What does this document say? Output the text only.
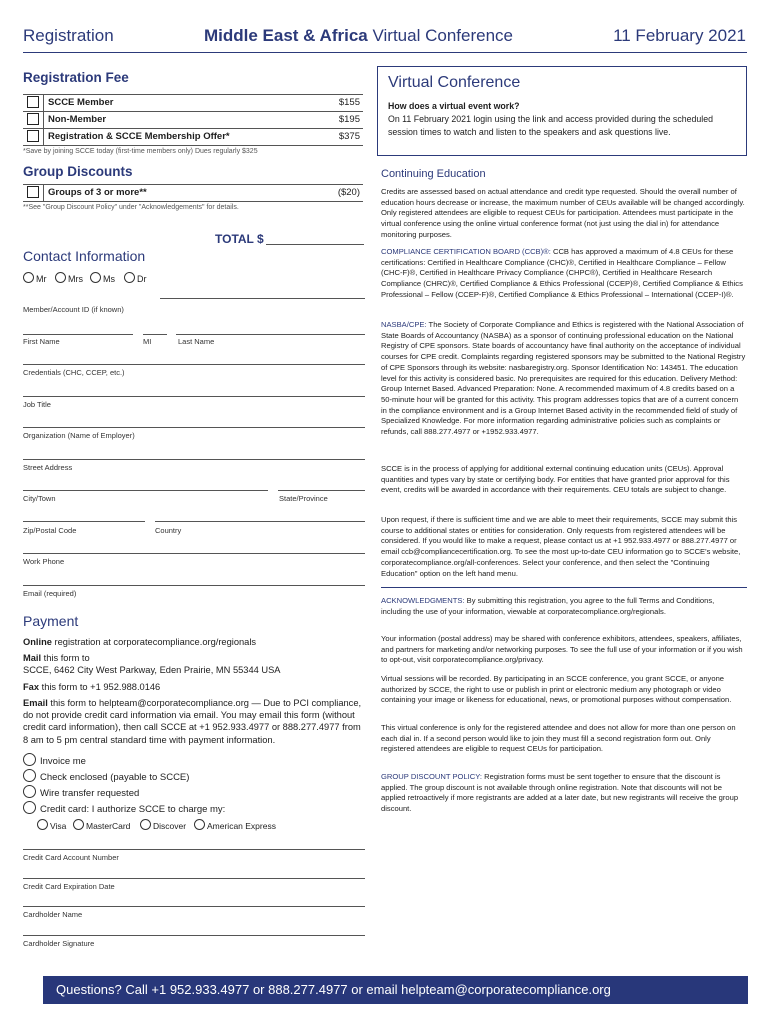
Registration	Middle East & Africa Virtual Conference	11 February 2021
Registration Fee
SCCE Member	$155
Non-Member	$195
Registration & SCCE Membership Offer*	$375
*Save by joining SCCE today (first-time members only) Dues regularly $325
Group Discounts
Groups of 3 or more**	($20)
**See "Group Discount Policy" under "Acknowledgements" for details.
TOTAL $
Contact Information
Mr	Mrs	Ms	Dr
Member/Account ID (if known)
First Name	MI	Last Name
Credentials (CHC, CCEP, etc.)
Job Title
Organization (Name of Employer)
Street Address
City/Town	State/Province
Zip/Postal Code	Country
Work Phone
Email (required)
Payment
Online registration at corporatecompliance.org/regionals
Mail this form to
SCCE, 6462 City West Parkway, Eden Prairie, MN 55344 USA
Fax this form to +1 952.988.0146
Email this form to helpteam@corporatecompliance.org — Due to PCI compliance, do not provide credit card information via email. You may email this form (without credit card information), then call SCCE at +1 952.933.4977 or 888.277.4977 from 8 am to 5 pm central standard time with payment information.
Invoice me
Check enclosed (payable to SCCE)
Wire transfer requested
Credit card: I authorize SCCE to charge my:
Visa	MasterCard	Discover	American Express
Credit Card Account Number
Credit Card Expiration Date
Cardholder Name
Cardholder Signature
Virtual Conference
How does a virtual event work?
On 11 February 2021 login using the link and access provided during the scheduled session times to watch and listen to the speakers and ask questions live.
Continuing Education
Credits are assessed based on actual attendance and credit type requested. Should the overall number of education hours decrease or increase, the maximum number of CEUs available will be changed accordingly. Only registered attendees are eligible to request CEUs for participation. Attendees must participate in the virtual conference using the online virtual conference format (not just using the dial in) for attendance monitoring purposes.
COMPLIANCE CERTIFICATION BOARD (CCB)®: CCB has approved a maximum of 4.8 CEUs for these certifications: Certified in Healthcare Compliance (CHC)®, Certified in Healthcare Compliance – Fellow (CHC-F)®, Certified in Healthcare Privacy Compliance (CHPC®), Certified in Healthcare Research Compliance (CHRC)®, Certified Compliance & Ethics Professional (CCEP)®, Certified Compliance & Ethics Professional – Fellow (CCEP-F)®, Certified Compliance & Ethics Professional – International (CCEP-I)®.
NASBA/CPE: The Society of Corporate Compliance and Ethics is registered with the National Association of State Boards of Accountancy (NASBA) as a sponsor of continuing professional education on the National Registry of CPE sponsors. State boards of accountancy have final authority on the acceptance of individual courses for CPE credit. Complaints regarding registered sponsors may be submitted to the National Registry of CPE Sponsors through its website: nasbaregistry.org. Sponsor Identification No: 143451. The education level for this activity is considered basic. No prerequisites are required for this education. Delivery Method: Group Internet Based. Advanced Preparation: None. A recommended maximum of 4.8 credits based on a 50-minute hour will be granted for this activity. This program addresses topics that are of a current concern in the compliance environment and is a Group Internet Based activity in the recommended field of study of Specialized Knowledge. For more information regarding administrative policies such as complaints or refunds, call 888.277.4977 or +1952.933.4977.
SCCE is in the process of applying for additional external continuing education units (CEUs). Approval quantities and types vary by state or certifying body. For entities that have granted prior approval for this event, credits will be awarded in accordance with their requirements. CEU totals are subject to change.
Upon request, if there is sufficient time and we are able to meet their requirements, SCCE may submit this course to additional states or entities for consideration. Only requests from registered attendees will be considered. If you would like to make a request, please contact us at +1 952.933.4977 or 888.277.4977 or email ccb@compliancecertification.org. To see the most up-to-date CEU information go to SCCE's website, corporatecompliance.org/all-conferences. Select your conference, and then select the "Continuing Education" option on the left hand menu.
ACKNOWLEDGMENTS: By submitting this registration, you agree to the full Terms and Conditions, including the use of your information, viewable at corporatecompliance.org/regionals.
Your information (postal address) may be shared with conference exhibitors, attendees, speakers, affiliates, and partners for marketing and/or networking purposes. To see the full use of your information or if you wish to opt-out, visit corporatecompliance.org/privacy.
Virtual sessions will be recorded. By participating in an SCCE conference, you grant SCCE, or anyone authorized by SCCE, the right to use or publish in print or electronic medium any photograph or video containing your image or likeness for educational, news, or promotional purposes without compensation.
This virtual conference is only for the registered attendee and does not allow for more than one person on each dial in. If a second person would like to join they must fill a second registration form out. Only registered attendees are eligible to request CEUs for participation.
GROUP DISCOUNT POLICY: Registration forms must be sent together to ensure that the discount is applied. The group discount is not available through online registration. Note that discounts will not be applied retroactively if more registrants are added at a later date, but new registrants will receive the group discount.
Questions? Call +1 952.933.4977 or 888.277.4977 or email helpteam@corporatecompliance.org
